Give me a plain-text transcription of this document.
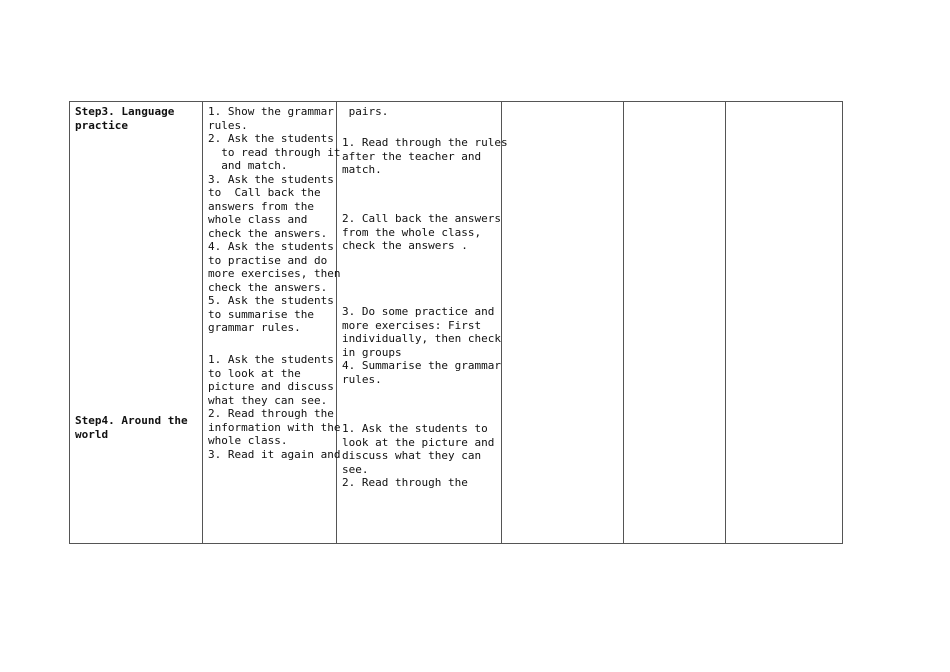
Step3. Language
practice

Step4. Around the
world

1. Show the grammar
rules.
2. Ask the students
to read through it
and match.
3. Ask the students
to  Call back the
answers from the
whole class and
check the answers.
4. Ask the students
to practise and do
more exercises, then
check the answers.
5. Ask the students
to summarise the
grammar rules.

1. Ask the students
to look at the
picture and discuss
what they can see.
2. Read through the
information with the
whole class.
3. Read it again and

pairs.

1. Read through the rules
after the teacher and
match.

2. Call back the answers
from the whole class,
check the answers .

3. Do some practice and
more exercises: First
individually, then check
in groups
4. Summarise the grammar
rules.

1. Ask the students to
look at the picture and
discuss what they can
see.
2. Read through the
